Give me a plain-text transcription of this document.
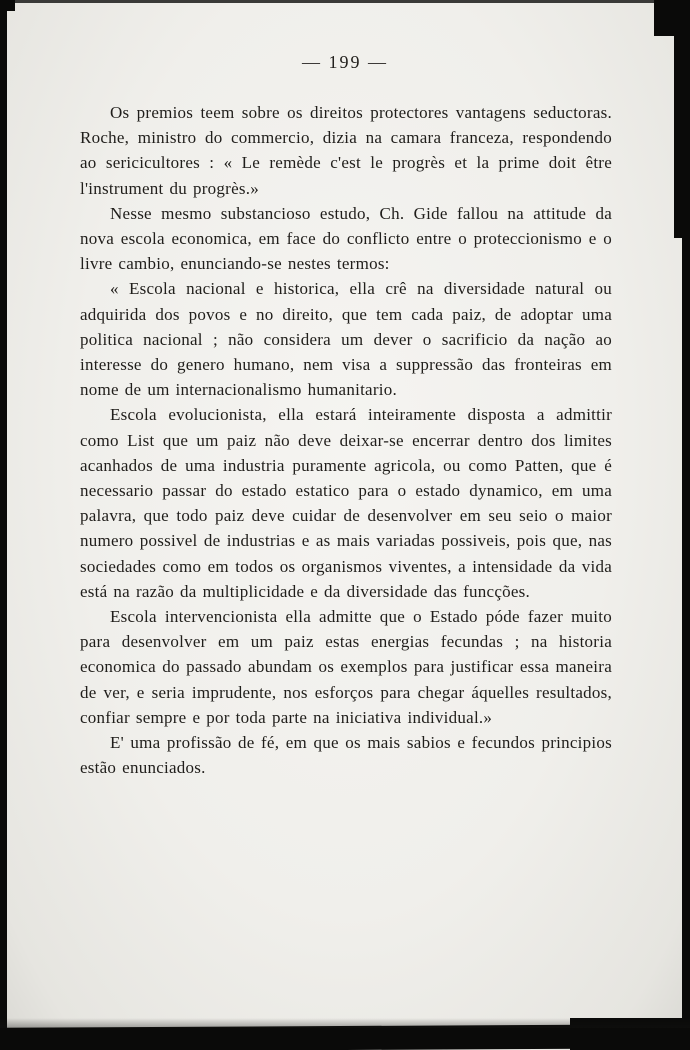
— 199 —

Os premios teem sobre os direitos protectores vantagens seductoras. Roche, ministro do commercio, dizia na camara franceza, respondendo ao sericicultores : « Le remède c'est le progrès et la prime doit être l'instrument du progrès.»

Nesse mesmo substancioso estudo, Ch. Gide fallou na attitude da nova escola economica, em face do conflicto entre o proteccionismo e o livre cambio, enunciando-se nestes termos:

« Escola nacional e historica, ella crê na diversidade natural ou adquirida dos povos e no direito, que tem cada paiz, de adoptar uma politica nacional ; não considera um dever o sacrificio da nação ao interesse do genero humano, nem visa a suppressão das fronteiras em nome de um internacionalismo humanitario.

Escola evolucionista, ella estará inteiramente disposta a admittir como List que um paiz não deve deixar-se encerrar dentro dos limites acanhados de uma industria puramente agricola, ou como Patten, que é necessario passar do estado estatico para o estado dynamico, em uma palavra, que todo paiz deve cuidar de desenvolver em seu seio o maior numero possivel de industrias e as mais variadas possiveis, pois que, nas sociedades como em todos os organismos viventes, a intensidade da vida está na razão da multiplicidade e da diversidade das funcções.

Escola intervencionista ella admitte que o Estado póde fazer muito para desenvolver em um paiz estas energias fecundas ; na historia economica do passado abundam os exemplos para justificar essa maneira de ver, e seria imprudente, nos esforços para chegar áquelles resultados, confiar sempre e por toda parte na iniciativa individual.»

E' uma profissão de fé, em que os mais sabios e fecundos principios estão enunciados.
